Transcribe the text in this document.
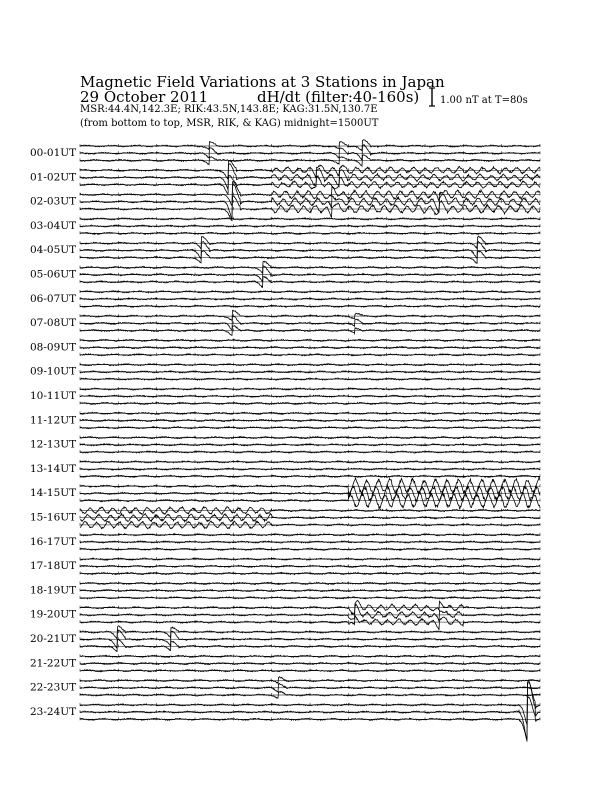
Magnetic Field Variations at 3 Stations in Japan
29 October 2011	dH/dt (filter:40-160s)
MSR:44.4N,142.3E; RIK:43.5N,143.8E; KAG:31.5N,130.7E
(from bottom to top, MSR, RIK, & KAG) midnight=1500UT
1.00 nT at T=80s
00-01UT
01-02UT
02-03UT
03-04UT
04-05UT
05-06UT
06-07UT
07-08UT
08-09UT
09-10UT
10-11UT
11-12UT
12-13UT
13-14UT
14-15UT
15-16UT
16-17UT
17-18UT
18-19UT
19-20UT
20-21UT
21-22UT
22-23UT
23-24UT
